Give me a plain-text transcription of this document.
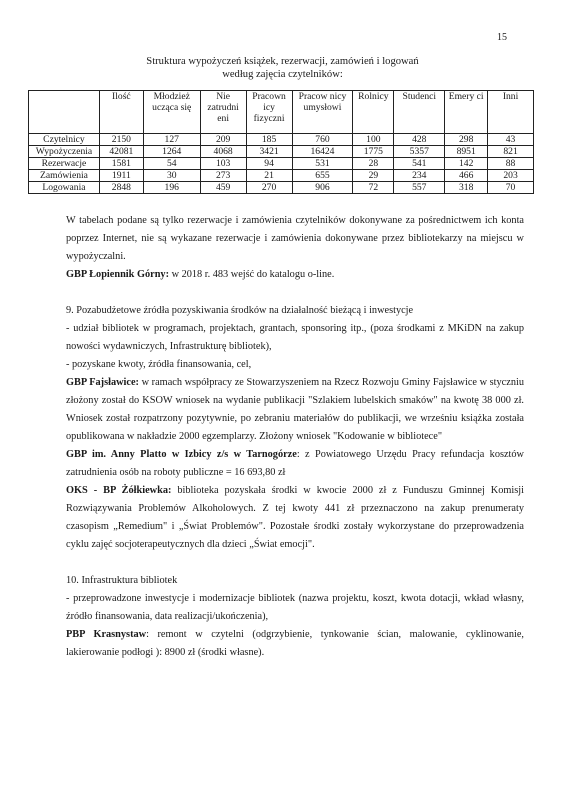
15
Struktura wypożyczeń książek, rezerwacji, zamówień i logowań
według zajęcia czytelników:
	Ilość	Młodzież ucząca się	Nie zatrudni eni	Pracown icy fizyczni	Pracow nicy umysłowi	Rolnicy	Studenci	Emery ci	Inni
Czytelnicy	2150	127	209	185	760	100	428	298	43
Wypożyczenia	42081	1264	4068	3421	16424	1775	5357	8951	821
Rezerwacje	1581	54	103	94	531	28	541	142	88
Zamówienia	1911	30	273	21	655	29	234	466	203
Logowania	2848	196	459	270	906	72	557	318	70

W tabelach podane są tylko rezerwacje i zamówienia czytelników dokonywane za pośrednictwem ich konta poprzez Internet, nie są wykazane rezerwacje i zamówienia dokonywane przez bibliotekarzy na miejscu w wypożyczalni.

GBP Łopiennik Górny: w 2018 r. 483 wejść do katalogu o-line.

9. Pozabudżetowe źródła pozyskiwania środków na działalność bieżącą i inwestycje

- udział bibliotek w programach, projektach, grantach, sponsoring itp., (poza środkami z MKiDN na zakup nowości wydawniczych, Infrastrukturę bibliotek),

- pozyskane kwoty, źródła finansowania, cel,

GBP Fajsławice: w ramach współpracy ze Stowarzyszeniem na Rzecz Rozwoju Gminy Fajsławice w styczniu złożony został do KSOW wniosek na wydanie publikacji "Szlakiem lubelskich smaków" na kwotę 38 000 zł. Wniosek został rozpatrzony pozytywnie, po zebraniu materiałów do publikacji, we wrześniu książka została opublikowana w nakładzie 2000 egzemplarzy. Złożony wniosek "Kodowanie w bibliotece"

GBP im. Anny Platto w Izbicy z/s w Tarnogórze: z Powiatowego Urzędu Pracy refundacja kosztów zatrudnienia osób na roboty publiczne = 16 693,80 zł

OKS - BP Żółkiewka: biblioteka pozyskała środki w kwocie 2000 zł z Funduszu Gminnej Komisji Rozwiązywania Problemów Alkoholowych. Z tej kwoty 441 zł przeznaczono na zakup prenumeraty czasopism „Remedium" i „Świat Problemów". Pozostałe środki zostały wykorzystane do przeprowadzenia cyklu zajęć socjoterapeutycznych dla dzieci „Świat emocji".

10. Infrastruktura bibliotek

- przeprowadzone inwestycje i modernizacje bibliotek (nazwa projektu, koszt, kwota dotacji, wkład własny, źródło finansowania, data realizacji/ukończenia),

PBP Krasnystaw: remont w czytelni (odgrzybienie, tynkowanie ścian, malowanie, cyklinowanie, lakierowanie podłogi ): 8900 zł (środki własne).
